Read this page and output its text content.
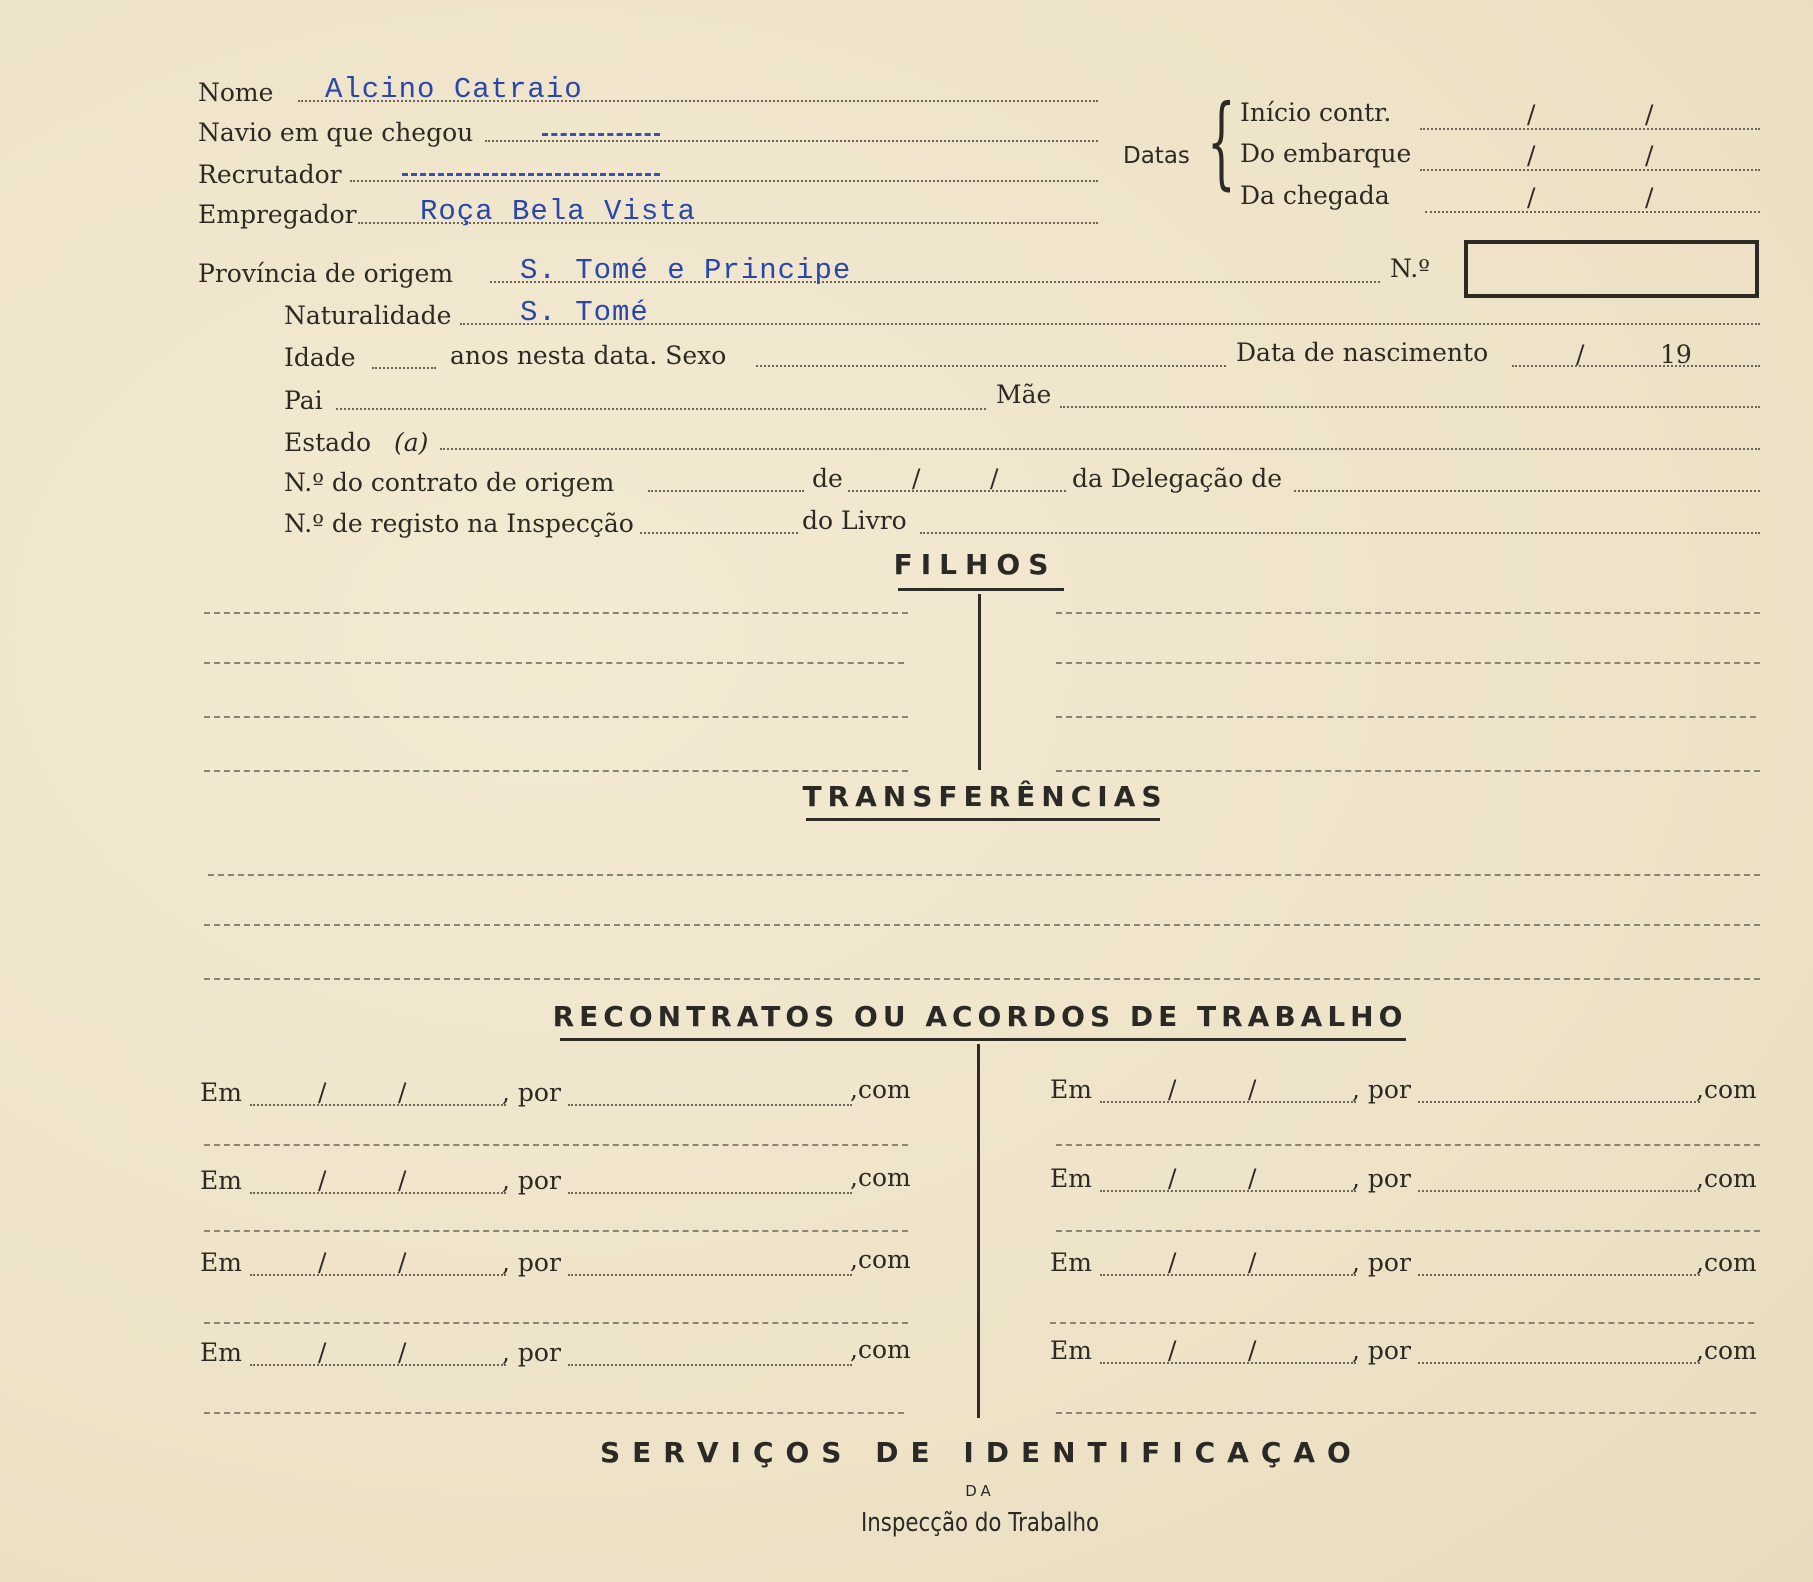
Nome Alcino Catraio
Navio em que chegou
Recrutador
Empregador Roça Bela Vista
Datas { Início contr.	/	/
Do embarque	/	/
Da chegada	/	/
Província de origem S. Tomé e Principe	N.º
Naturalidade S. Tomé
Idade	anos nesta data. Sexo	Data de nascimento	/	19
Pai	Mãe
Estado (a)
N.º do contrato de origem	de	/	/	da Delegação de
N.º de registo na Inspecção	do Livro
FILHOS
TRANSFERÊNCIAS
RECONTRATOS OU ACORDOS DE TRABALHO
Em	/	/	, por	,com
Em	/	/	, por	,com
Em	/	/	, por	,com
Em	/	/	, por	,com
Em	/	/	, por	,com
Em	/	/	, por	,com
Em	/	/	, por	,com
Em	/	/	, por	,com
SERVIÇOS DE IDENTIFICAÇAO
DA
Inspecção do Trabalho
